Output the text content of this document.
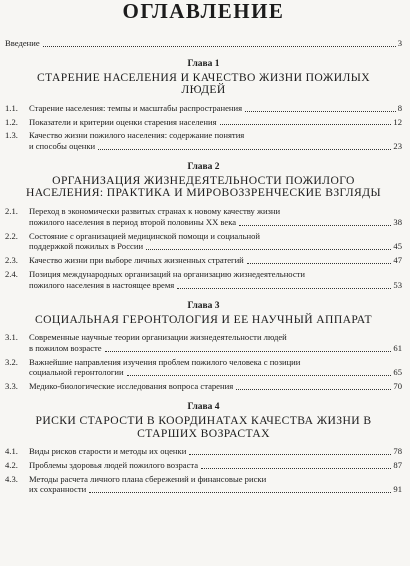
ОГЛАВЛЕНИЕ
Введение	3
Глава 1
СТАРЕНИЕ НАСЕЛЕНИЯ И КАЧЕСТВО ЖИЗНИ ПОЖИЛЫХ ЛЮДЕЙ
1.1.	Старение населения: темпы и масштабы распространения	8
1.2.	Показатели и критерии оценки старения населения	12
1.3.	Качество жизни пожилого населения: содержание понятия
и способы оценки	23
Глава 2
ОРГАНИЗАЦИЯ ЖИЗНЕДЕЯТЕЛЬНОСТИ ПОЖИЛОГО НАСЕЛЕНИЯ: ПРАКТИКА И МИРОВОЗЗРЕНЧЕСКИЕ ВЗГЛЯДЫ
2.1.	Переход в экономически развитых странах к новому качеству жизни
пожилого населения в период второй половины XX века	38
2.2.	Состояние с организацией медицинской помощи и социальной
поддержкой пожилых в России	45
2.3.	Качество жизни при выборе личных жизненных стратегий	47
2.4.	Позиция международных организаций на организацию жизнедеятельности
пожилого населения в настоящее время	53
Глава 3
СОЦИАЛЬНАЯ ГЕРОНТОЛОГИЯ И ЕЕ НАУЧНЫЙ АППАРАТ
3.1.	Современные научные теории организации жизнедеятельности людей
в пожилом возрасте	61
3.2.	Важнейшие направления изучения проблем пожилого человека с позиции
социальной геронтологии	65
3.3.	Медико-биологические исследования вопроса старения	70
Глава 4
РИСКИ СТАРОСТИ В КООРДИНАТАХ КАЧЕСТВА ЖИЗНИ В СТАРШИХ ВОЗРАСТАХ
4.1.	Виды рисков старости и методы их оценки	78
4.2.	Проблемы здоровья людей пожилого возраста	87
4.3.	Методы расчета личного плана сбережений и финансовые риски
их сохранности	91
